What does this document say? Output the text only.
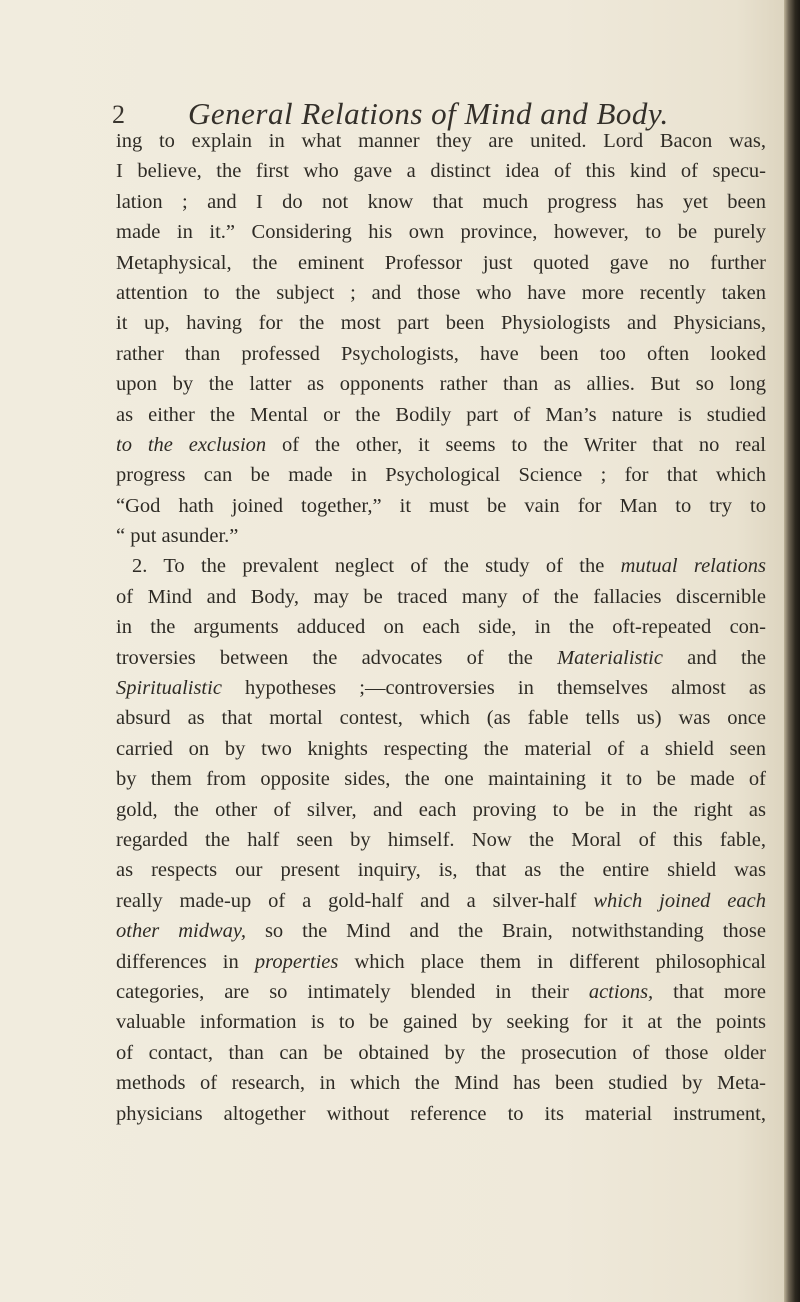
2 General Relations of Mind and Body.
ing to explain in what manner they are united. Lord Bacon was,
I believe, the first who gave a distinct idea of this kind of specu-
lation ; and I do not know that much progress has yet been
made in it.” Considering his own province, however, to be purely
Metaphysical, the eminent Professor just quoted gave no further
attention to the subject ; and those who have more recently taken
it up, having for the most part been Physiologists and Physicians,
rather than professed Psychologists, have been too often looked
upon by the latter as opponents rather than as allies. But so long
as either the Mental or the Bodily part of Man’s nature is studied
to the exclusion of the other, it seems to the Writer that no real
progress can be made in Psychological Science ; for that which
“God hath joined together,” it must be vain for Man to try to
“ put asunder.”
2. To the prevalent neglect of the study of the mutual relations
of Mind and Body, may be traced many of the fallacies discernible
in the arguments adduced on each side, in the oft-repeated con-
troversies between the advocates of the Materialistic and the
Spiritualistic hypotheses ;—controversies in themselves almost as
absurd as that mortal contest, which (as fable tells us) was once
carried on by two knights respecting the material of a shield seen
by them from opposite sides, the one maintaining it to be made of
gold, the other of silver, and each proving to be in the right as
regarded the half seen by himself. Now the Moral of this fable,
as respects our present inquiry, is, that as the entire shield was
really made-up of a gold-half and a silver-half which joined each
other midway, so the Mind and the Brain, notwithstanding those
differences in properties which place them in different philosophical
categories, are so intimately blended in their actions, that more
valuable information is to be gained by seeking for it at the points
of contact, than can be obtained by the prosecution of those older
methods of research, in which the Mind has been studied by Meta-
physicians altogether without reference to its material instrument,
